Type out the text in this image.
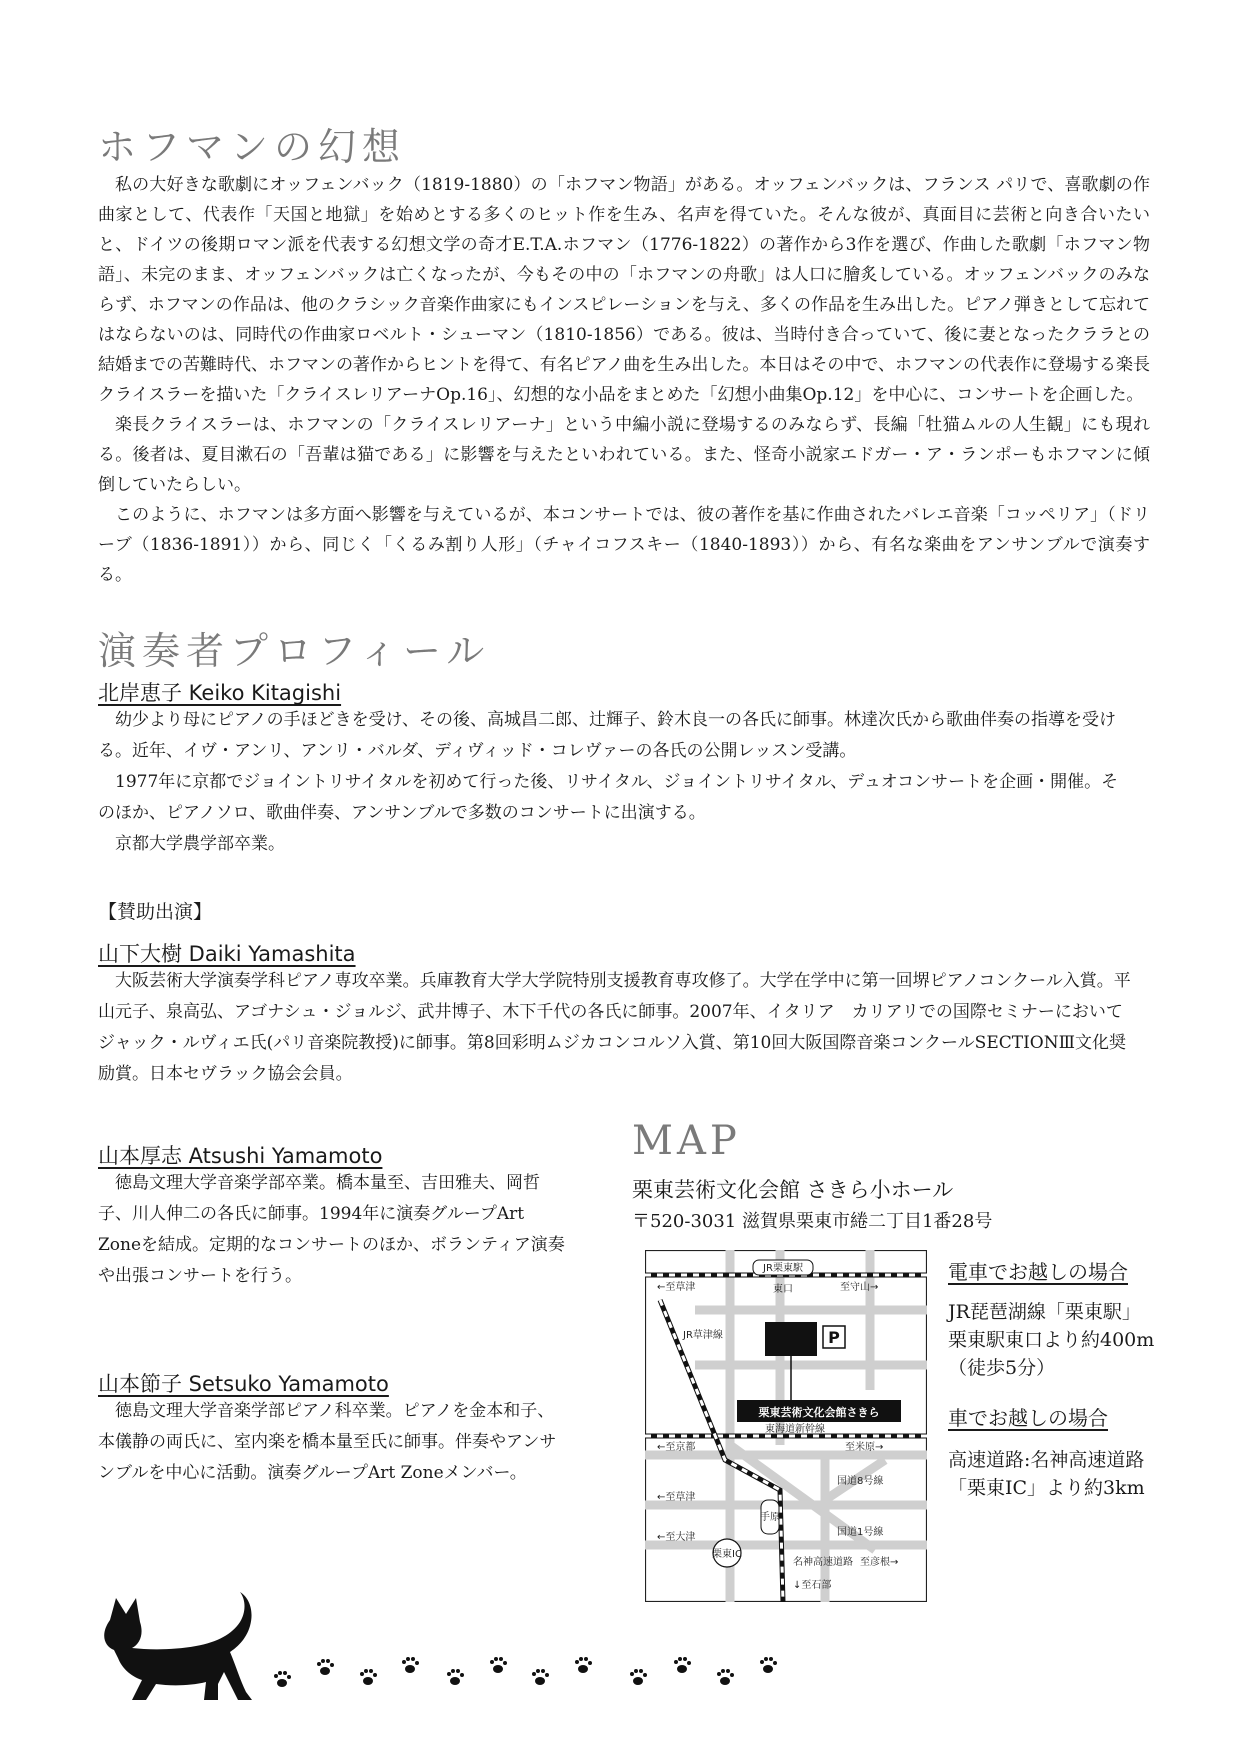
ホフマンの幻想

私の大好きな歌劇にオッフェンバック（1819-1880）の「ホフマン物語」がある。オッフェンバックは、フランス パリで、喜歌劇の作曲家として、代表作「天国と地獄」を始めとする多くのヒット作を生み、名声を得ていた。そんな彼が、真面目に芸術と向き合いたいと、ドイツの後期ロマン派を代表する幻想文学の奇才E.T.A.ホフマン（1776-1822）の著作から3作を選び、作曲した歌劇「ホフマン物語」、未完のまま、オッフェンバックは亡くなったが、今もその中の「ホフマンの舟歌」は人口に膾炙している。オッフェンバックのみならず、ホフマンの作品は、他のクラシック音楽作曲家にもインスピレーションを与え、多くの作品を生み出した。ピアノ弾きとして忘れてはならないのは、同時代の作曲家ロベルト・シューマン（1810-1856）である。彼は、当時付き合っていて、後に妻となったクララとの結婚までの苦難時代、ホフマンの著作からヒントを得て、有名ピアノ曲を生み出した。本日はその中で、ホフマンの代表作に登場する楽長クライスラーを描いた「クライスレリアーナOp.16」、幻想的な小品をまとめた「幻想小曲集Op.12」を中心に、コンサートを企画した。

楽長クライスラーは、ホフマンの「クライスレリアーナ」という中編小説に登場するのみならず、長編「牡猫ムルの人生観」にも現れる。後者は、夏目漱石の「吾輩は猫である」に影響を与えたといわれている。また、怪奇小説家エドガー・ア・ランポーもホフマンに傾倒していたらしい。

このように、ホフマンは多方面へ影響を与えているが、本コンサートでは、彼の著作を基に作曲されたバレエ音楽「コッペリア」（ドリーブ（1836-1891））から、同じく「くるみ割り人形」（チャイコフスキー（1840-1893））から、有名な楽曲をアンサンブルで演奏する。

演奏者プロフィール
北岸恵子 Keiko Kitagishi

幼少より母にピアノの手ほどきを受け、その後、高城昌二郎、辻輝子、鈴木良一の各氏に師事。林達次氏から歌曲伴奏の指導を受ける。近年、イヴ・アンリ、アンリ・バルダ、ディヴィッド・コレヴァーの各氏の公開レッスン受講。

1977年に京都でジョイントリサイタルを初めて行った後、リサイタル、ジョイントリサイタル、デュオコンサートを企画・開催。そのほか、ピアノソロ、歌曲伴奏、アンサンブルで多数のコンサートに出演する。

京都大学農学部卒業。

【賛助出演】
山下大樹 Daiki Yamashita

大阪芸術大学演奏学科ピアノ専攻卒業。兵庫教育大学大学院特別支援教育専攻修了。大学在学中に第一回堺ピアノコンクール入賞。平山元子、泉高弘、アゴナシュ・ジョルジ、武井博子、木下千代の各氏に師事。2007年、イタリア　カリアリでの国際セミナーにおいてジャック・ルヴィエ氏(パリ音楽院教授)に師事。第8回彩明ムジカコンコルソ入賞、第10回大阪国際音楽コンクールSECTIONⅢ文化奨励賞。日本セヴラック協会会員。

山本厚志 Atsushi Yamamoto

徳島文理大学音楽学部卒業。橋本量至、吉田雅夫、岡哲子、川人伸二の各氏に師事。1994年に演奏グループArt Zoneを結成。定期的なコンサートのほか、ボランティア演奏や出張コンサートを行う。

山本節子 Setsuko Yamamoto

徳島文理大学音楽学部ピアノ科卒業。ピアノを金本和子、本儀静の両氏に、室内楽を橋本量至氏に師事。伴奏やアンサンブルを中心に活動。演奏グループArt Zoneメンバー。

MAP
栗東芸術文化会館 さきら小ホール
〒520-3031 滋賀県栗東市綣二丁目1番28号
JR栗東駅
東口
←至草津	至守山→
JR草津線	P
栗東芸術文化会館さきら
東海道新幹線
←至京都	至米原→
国道8号線
←至草津
手原
←至大津	国道1号線
栗東IC
名神高速道路 至彦根→
↓至石部
電車でお越しの場合
JR琵琶湖線「栗東駅」
栗東駅東口より約400m
（徒歩5分）
車でお越しの場合
高速道路:名神高速道路
「栗東IC」より約3km
